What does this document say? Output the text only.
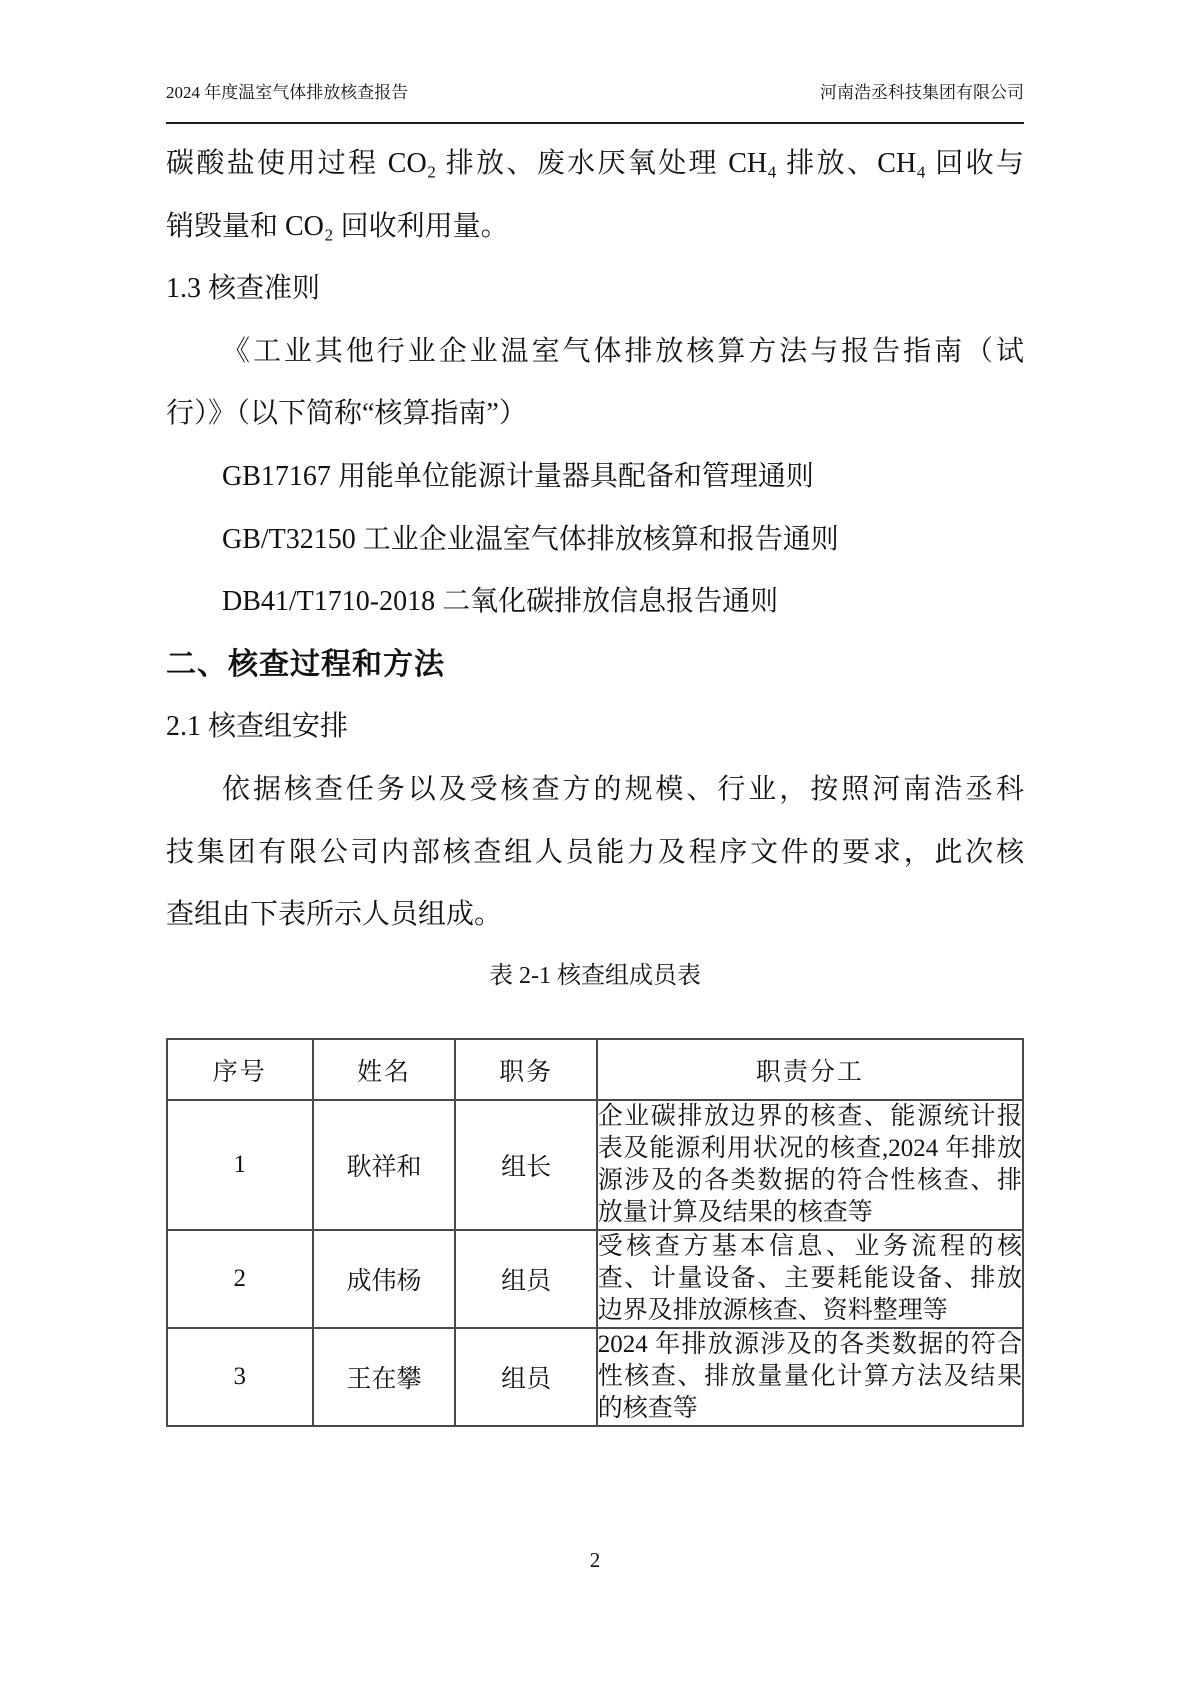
2024 年度温室气体排放核查报告	河南浩丞科技集团有限公司
碳酸盐使用过程 CO₂ 排放、废水厌氧处理 CH₄ 排放、CH₄ 回收与
销毁量和 CO₂ 回收利用量。
1.3 核查准则
《工业其他行业企业温室气体排放核算方法与报告指南（试
行）》（以下简称“核算指南”）
GB17167 用能单位能源计量器具配备和管理通则
GB/T32150 工业企业温室气体排放核算和报告通则
DB41/T1710-2018 二氧化碳排放信息报告通则
二、核查过程和方法
2.1 核查组安排
依据核查任务以及受核查方的规模、行业，按照河南浩丞科
技集团有限公司内部核查组人员能力及程序文件的要求，此次核
查组由下表所示人员组成。
表 2-1 核查组成员表
序号	姓名	职务	职责分工
1	耿祥和	组长	企业碳排放边界的核查、能源统计报表及能源利用状况的核查,2024 年排放源涉及的各类数据的符合性核查、排放量计算及结果的核查等
2	成伟杨	组员	受核查方基本信息、业务流程的核查、计量设备、主要耗能设备、排放边界及排放源核查、资料整理等
3	王在攀	组员	2024 年排放源涉及的各类数据的符合性核查、排放量量化计算方法及结果的核查等
2
